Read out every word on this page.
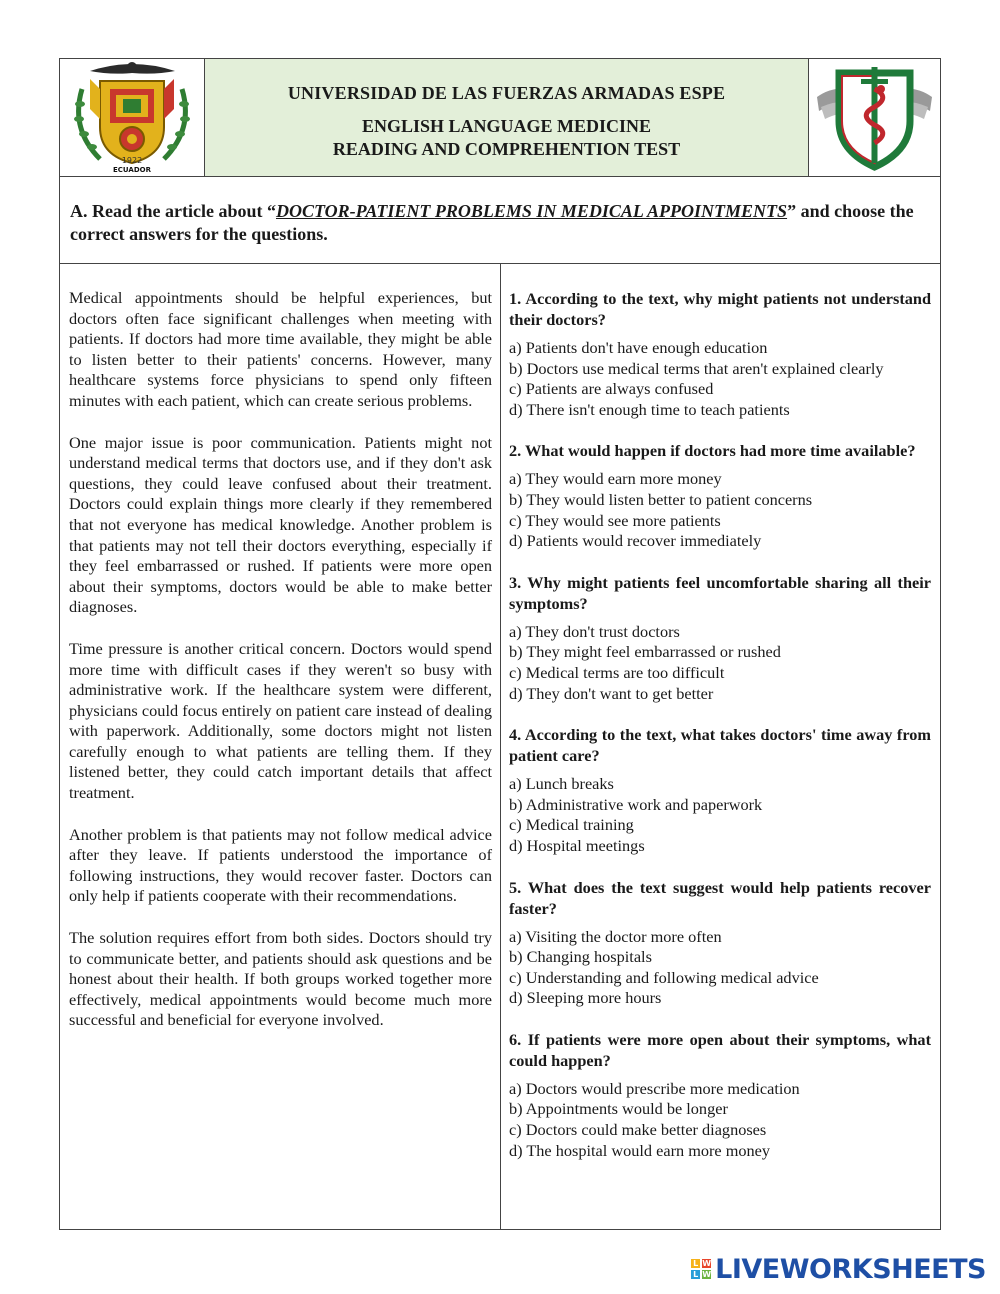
1922
ECUADOR
UNIVERSIDAD DE LAS FUERZAS ARMADAS ESPE
ENGLISH LANGUAGE MEDICINE
READING AND COMPREHENTION TEST
A. Read the article about “DOCTOR-PATIENT PROBLEMS IN MEDICAL APPOINTMENTS” and choose the correct answers for the questions.

Medical appointments should be helpful experiences, but doctors often face significant challenges when meeting with patients. If doctors had more time available, they might be able to listen better to their patients' concerns. However, many healthcare systems force physicians to spend only fifteen minutes with each patient, which can create serious problems.

One major issue is poor communication. Patients might not understand medical terms that doctors use, and if they don't ask questions, they could leave confused about their treatment. Doctors could explain things more clearly if they remembered that not everyone has medical knowledge. Another problem is that patients may not tell their doctors everything, especially if they feel embarrassed or rushed. If patients were more open about their symptoms, doctors would be able to make better diagnoses.

Time pressure is another critical concern. Doctors would spend more time with difficult cases if they weren't so busy with administrative work. If the healthcare system were different, physicians could focus entirely on patient care instead of dealing with paperwork. Additionally, some doctors might not listen carefully enough to what patients are telling them. If they listened better, they could catch important details that affect treatment.

Another problem is that patients may not follow medical advice after they leave. If patients understood the importance of following instructions, they would recover faster. Doctors can only help if patients cooperate with their recommendations.

The solution requires effort from both sides. Doctors should try to communicate better, and patients should ask questions and be honest about their health. If both groups worked together more effectively, medical appointments would become much more successful and beneficial for everyone involved.

1. According to the text, why might patients not understand their doctors?
a) Patients don't have enough education
b) Doctors use medical terms that aren't explained clearly
c) Patients are always confused
d) There isn't enough time to teach patients
2. What would happen if doctors had more time available?
a) They would earn more money
b) They would listen better to patient concerns
c) They would see more patients
d) Patients would recover immediately
3. Why might patients feel uncomfortable sharing all their symptoms?
a) They don't trust doctors
b) They might feel embarrassed or rushed
c) Medical terms are too difficult
d) They don't want to get better
4. According to the text, what takes doctors' time away from patient care?
a) Lunch breaks
b) Administrative work and paperwork
c) Medical training
d) Hospital meetings
5. What does the text suggest would help patients recover faster?
a) Visiting the doctor more often
b) Changing hospitals
c) Understanding and following medical advice
d) Sleeping more hours
6. If patients were more open about their symptoms, what could happen?
a) Doctors would prescribe more medication
b) Appointments would be longer
c) Doctors could make better diagnoses
d) The hospital would earn more money
L W
L W LIVEWORKSHEETS
